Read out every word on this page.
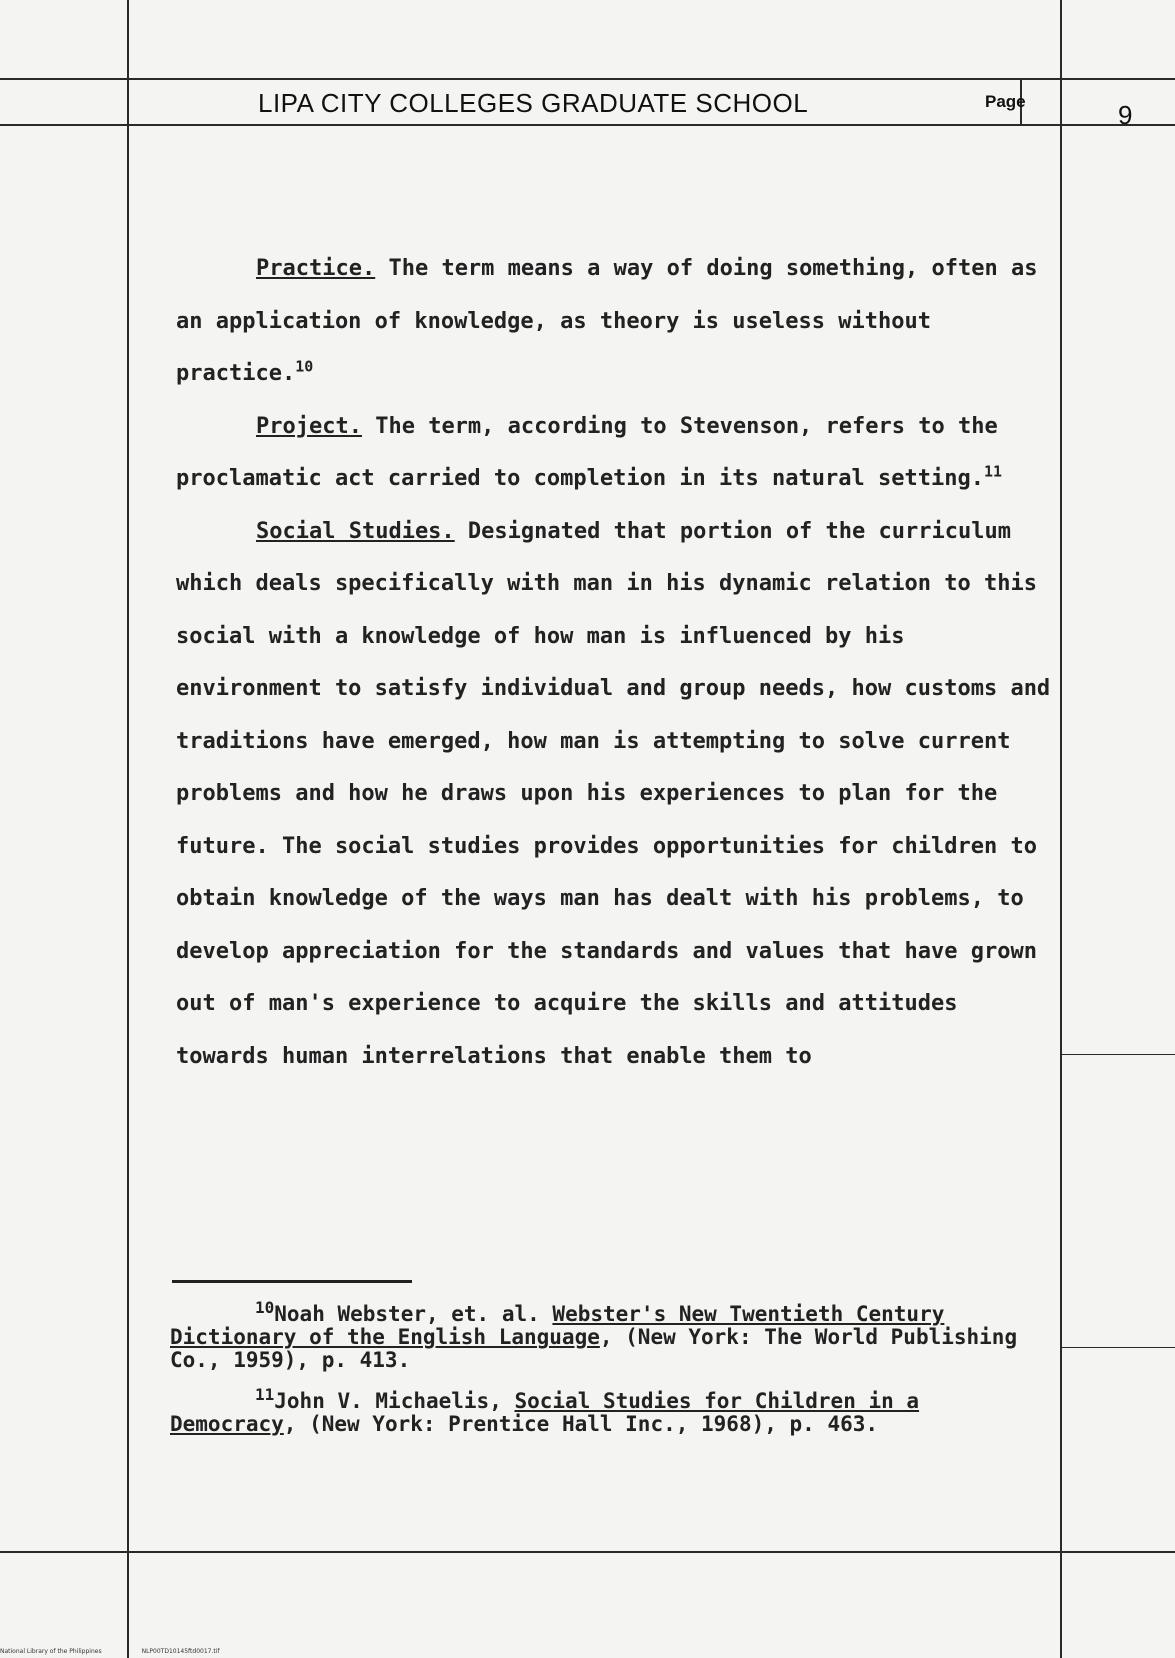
LIPA CITY COLLEGES GRADUATE SCHOOL	Page	9

Practice. The term means a way of doing something, often as an application of knowledge, as theory is useless without practice.$^{10}$

Project. The term, according to Stevenson, refers to the proclamatic act carried to completion in its natural setting.$^{11}$

Social Studies. Designated that portion of the curriculum which deals specifically with man in his dynamic relation to this social with a knowledge of how man is influenced by his environment to satisfy individual and group needs, how customs and traditions have emerged, how man is attempting to solve current problems and how he draws upon his experiences to plan for the future. The social studies provides opportunities for children to obtain knowledge of the ways man has dealt with his problems, to develop appreciation for the standards and values that have grown out of man's experience to acquire the skills and attitudes towards human interrelations that enable them to

$^{10}$Noah Webster, et. al. Webster's New Twentieth Century Dictionary of the English Language, (New York: The World Publishing Co., 1959), p. 413.

$^{11}$John V. Michaelis, Social Studies for Children in a Democracy, (New York: Prentice Hall Inc., 1968), p. 463.

National Library of the Philippines	NLP00TD10145ftd0017.tif
